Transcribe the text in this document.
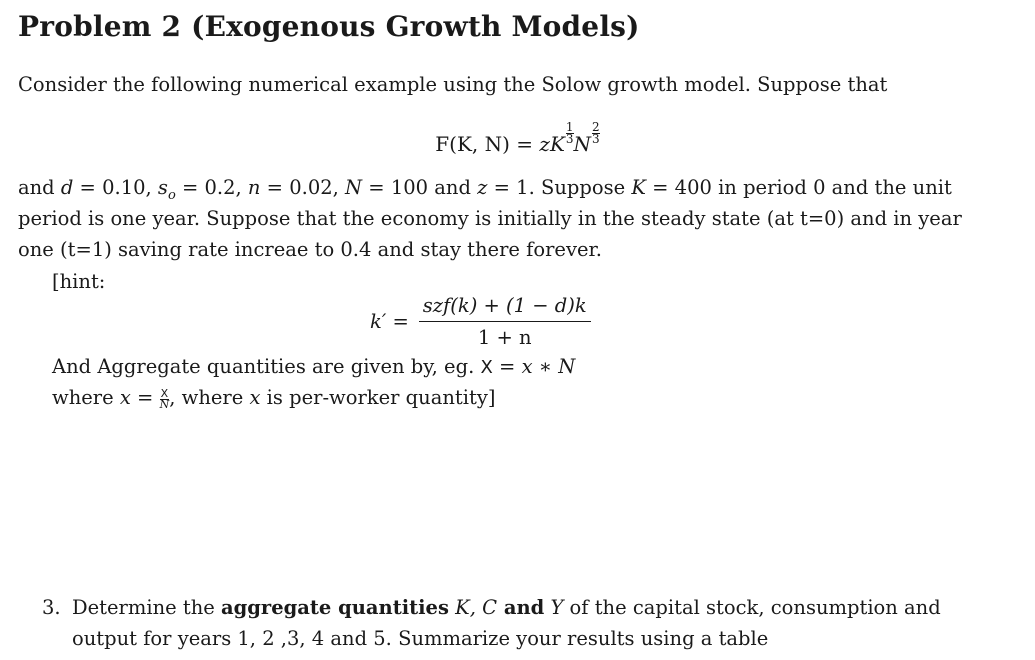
Problem 2 (Exogenous Growth Models)
Consider the following numerical example using the Solow growth model. Suppose that
F(K, $N) = zK\frac{1}{3} N\frac{2}{3}$
and d = 0.10, $s_o = 0.2$, n = 0.02, N = 100 and z = 1. Suppose K = 400 in period 0 and the unit
period is one year. Suppose that the economy is initially in the steady state (at t=0) and in year
one (t=1) saving rate increae to 0.4 and stay there forever.
[hint:
$k' = \frac{\text{szf(k) + (1 − d)k}}{1 + n}$
And Aggregate quantities are given by, eg. X = x ∗ N
where $x = \frac{X}{N}$ , where x is per-worker quantity]
3. Determine the aggregate quantities K, C and Y of the capital stock, consumption and
output for years 1, 2 ,3, 4 and 5. Summarize your results using a table
